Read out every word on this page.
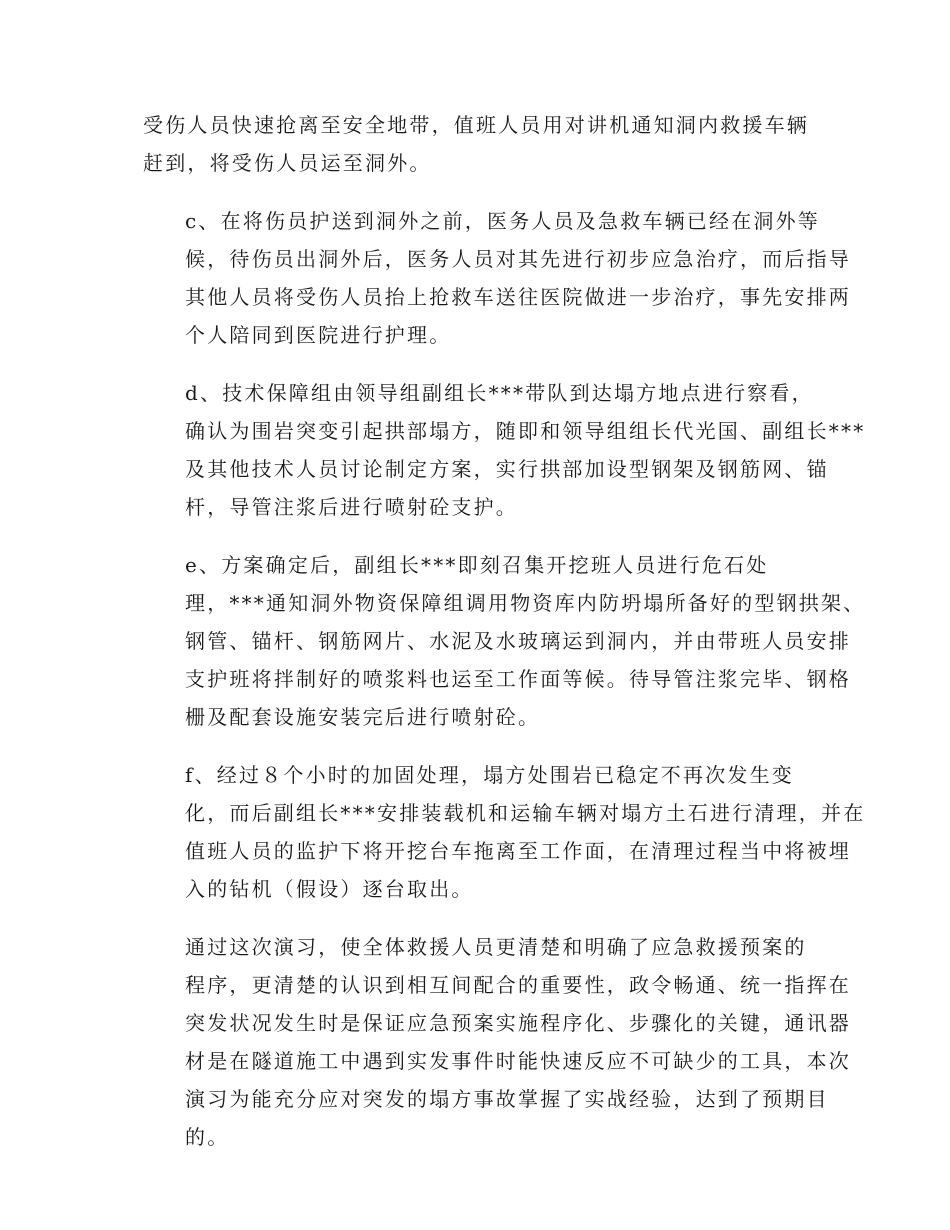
受伤人员快速抢离至安全地带，值班人员用对讲机通知洞内救援车辆
赶到，将受伤人员运至洞外。

c、在将伤员护送到洞外之前，医务人员及急救车辆已经在洞外等
候，待伤员出洞外后，医务人员对其先进行初步应急治疗，而后指导
其他人员将受伤人员抬上抢救车送往医院做进一步治疗，事先安排两
个人陪同到医院进行护理。

d、技术保障组由领导组副组长***带队到达塌方地点进行察看，
确认为围岩突变引起拱部塌方，随即和领导组组长代光国、副组长***
及其他技术人员讨论制定方案，实行拱部加设型钢架及钢筋网、锚
杆，导管注浆后进行喷射砼支护。

e、方案确定后，副组长***即刻召集开挖班人员进行危石处
理，***通知洞外物资保障组调用物资库内防坍塌所备好的型钢拱架、
钢管、锚杆、钢筋网片、水泥及水玻璃运到洞内，并由带班人员安排
支护班将拌制好的喷浆料也运至工作面等候。待导管注浆完毕、钢格
栅及配套设施安装完后进行喷射砼。

f、经过８个小时的加固处理，塌方处围岩已稳定不再次发生变
化，而后副组长***安排装载机和运输车辆对塌方土石进行清理，并在
值班人员的监护下将开挖台车拖离至工作面，在清理过程当中将被埋
入的钻机（假设）逐台取出。

通过这次演习，使全体救援人员更清楚和明确了应急救援预案的
程序，更清楚的认识到相互间配合的重要性，政令畅通、统一指挥在
突发状况发生时是保证应急预案实施程序化、步骤化的关键，通讯器
材是在隧道施工中遇到实发事件时能快速反应不可缺少的工具，本次
演习为能充分应对突发的塌方事故掌握了实战经验，达到了预期目
的。
